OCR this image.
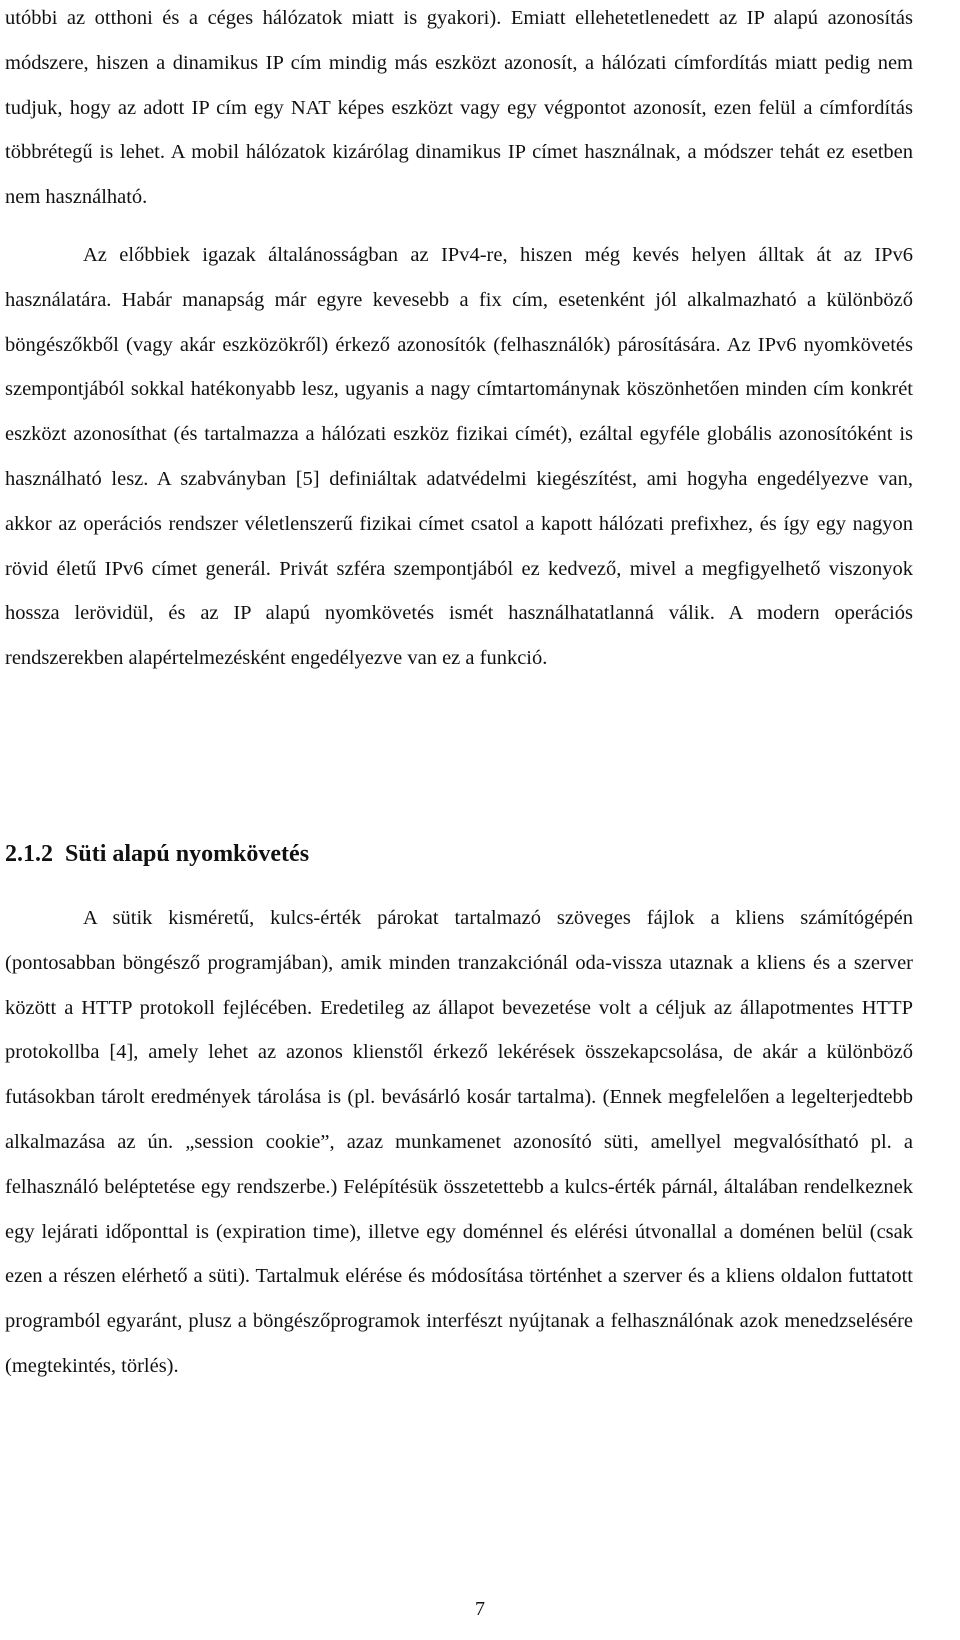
utóbbi az otthoni és a céges hálózatok miatt is gyakori). Emiatt ellehetetlenedett az IP alapú azonosítás módszere, hiszen a dinamikus IP cím mindig más eszközt azonosít, a hálózati címfordítás miatt pedig nem tudjuk, hogy az adott IP cím egy NAT képes eszközt vagy egy végpontot azonosít, ezen felül a címfordítás többrétegű is lehet. A mobil hálózatok kizárólag dinamikus IP címet használnak, a módszer tehát ez esetben nem használható.

Az előbbiek igazak általánosságban az IPv4-re, hiszen még kevés helyen álltak át az IPv6 használatára. Habár manapság már egyre kevesebb a fix cím, esetenként jól alkalmazható a különböző böngészőkből (vagy akár eszközökről) érkező azonosítók (felhasználók) párosítására. Az IPv6 nyomkövetés szempontjából sokkal hatékonyabb lesz, ugyanis a nagy címtartománynak köszönhetően minden cím konkrét eszközt azonosíthat (és tartalmazza a hálózati eszköz fizikai címét), ezáltal egyféle globális azonosítóként is használható lesz. A szabványban [5] definiáltak adatvédelmi kiegészítést, ami hogyha engedélyezve van, akkor az operációs rendszer véletlenszerű fizikai címet csatol a kapott hálózati prefixhez, és így egy nagyon rövid életű IPv6 címet generál. Privát szféra szempontjából ez kedvező, mivel a megfigyelhető viszonyok hossza lerövidül, és az IP alapú nyomkövetés ismét használhatatlanná válik. A modern operációs rendszerekben alapértelmezésként engedélyezve van ez a funkció.

2.1.2 Süti alapú nyomkövetés

A sütik kisméretű, kulcs-érték párokat tartalmazó szöveges fájlok a kliens számítógépén (pontosabban böngésző programjában), amik minden tranzakciónál oda-vissza utaznak a kliens és a szerver között a HTTP protokoll fejlécében. Eredetileg az állapot bevezetése volt a céljuk az állapotmentes HTTP protokollba [4], amely lehet az azonos klienstől érkező lekérések összekapcsolása, de akár a különböző futásokban tárolt eredmények tárolása is (pl. bevásárló kosár tartalma). (Ennek megfelelően a legelterjedtebb alkalmazása az ún. „session cookie”, azaz munkamenet azonosító süti, amellyel megvalósítható pl. a felhasználó beléptetése egy rendszerbe.) Felépítésük összetettebb a kulcs-érték párnál, általában rendelkeznek egy lejárati időponttal is (expiration time), illetve egy doménnel és elérési útvonallal a doménen belül (csak ezen a részen elérhető a süti). Tartalmuk elérése és módosítása történhet a szerver és a kliens oldalon futtatott programból egyaránt, plusz a böngészőprogramok interfészt nyújtanak a felhasználónak azok menedzselésére (megtekintés, törlés).

7
